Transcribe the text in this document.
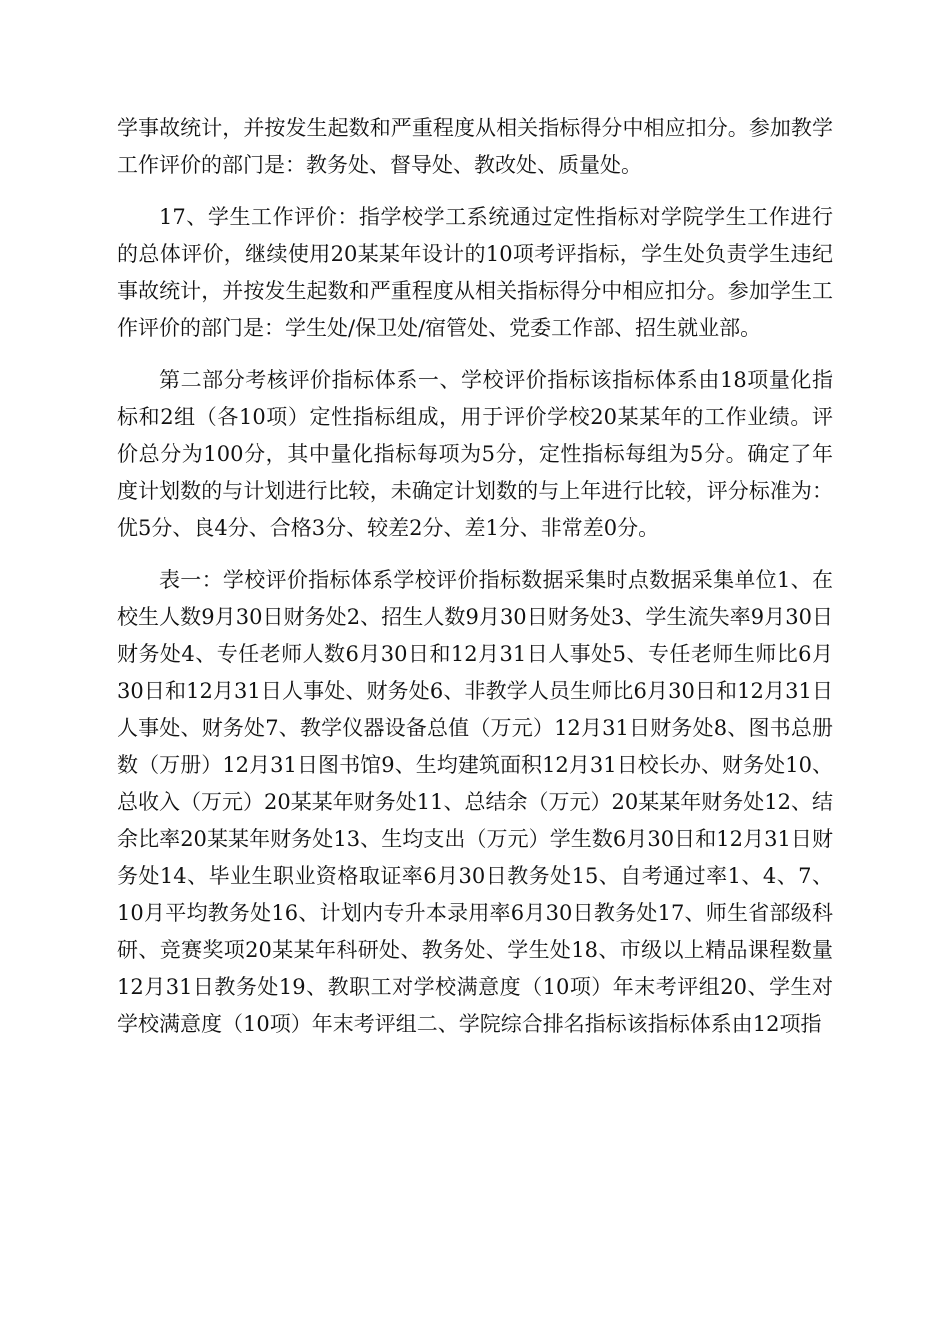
学事故统计，并按发生起数和严重程度从相关指标得分中相应扣分。参加教学工作评价的部门是：教务处、督导处、教改处、质量处。

17、学生工作评价：指学校学工系统通过定性指标对学院学生工作进行的总体评价，继续使用20某某年设计的10项考评指标，学生处负责学生违纪事故统计，并按发生起数和严重程度从相关指标得分中相应扣分。参加学生工作评价的部门是：学生处/保卫处/宿管处、党委工作部、招生就业部。

第二部分考核评价指标体系一、学校评价指标该指标体系由18项量化指标和2组（各10项）定性指标组成，用于评价学校20某某年的工作业绩。评价总分为100分，其中量化指标每项为5分，定性指标每组为5分。确定了年度计划数的与计划进行比较，未确定计划数的与上年进行比较，评分标准为：优5分、良4分、合格3分、较差2分、差1分、非常差0分。

表一：学校评价指标体系学校评价指标数据采集时点数据采集单位1、在校生人数9月30日财务处2、招生人数9月30日财务处3、学生流失率9月30日财务处4、专任老师人数6月30日和12月31日人事处5、专任老师生师比6月30日和12月31日人事处、财务处6、非教学人员生师比6月30日和12月31日人事处、财务处7、教学仪器设备总值（万元）12月31日财务处8、图书总册数（万册）12月31日图书馆9、生均建筑面积12月31日校长办、财务处10、总收入（万元）20某某年财务处11、总结余（万元）20某某年财务处12、结余比率20某某年财务处13、生均支出（万元）学生数6月30日和12月31日财务处14、毕业生职业资格取证率6月30日教务处15、自考通过率1、4、7、10月平均教务处16、计划内专升本录用率6月30日教务处17、师生省部级科研、竞赛奖项20某某年科研处、教务处、学生处18、市级以上精品课程数量12月31日教务处19、教职工对学校满意度（10项）年末考评组20、学生对学校满意度（10项）年末考评组二、学院综合排名指标该指标体系由12项指
